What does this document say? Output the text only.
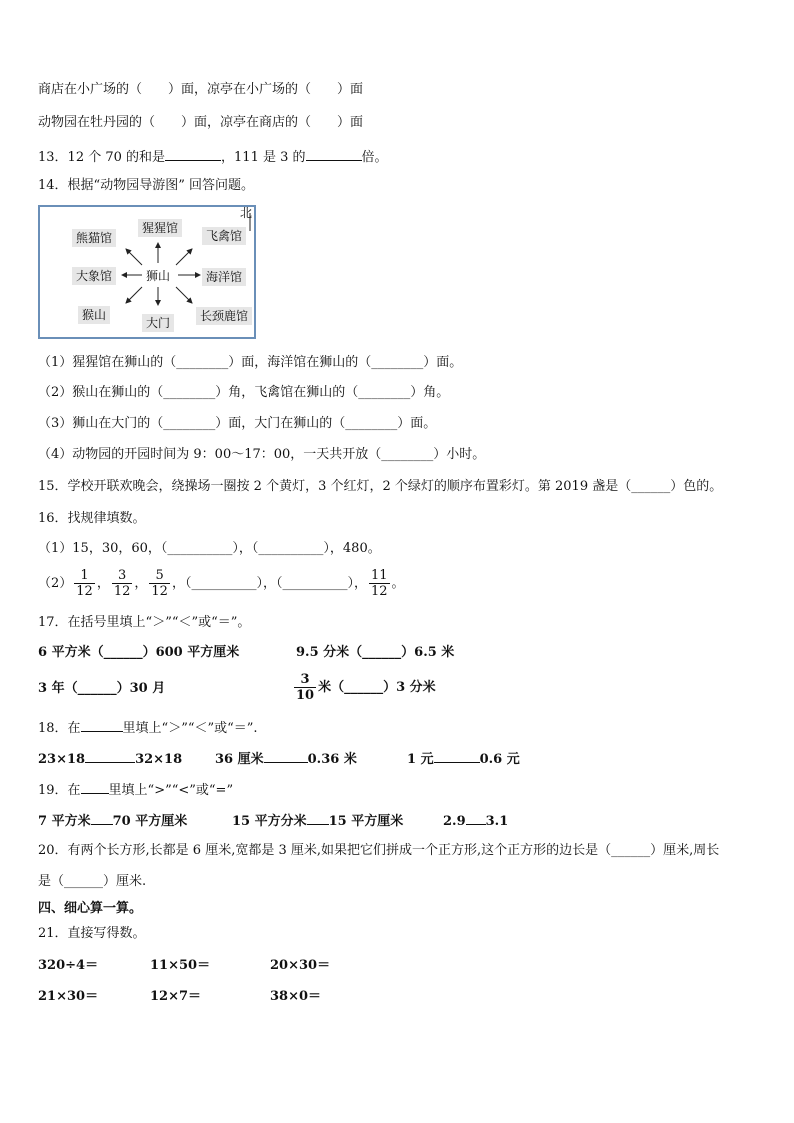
商店在小广场的（　　）面，凉亭在小广场的（　　）面
动物园在牡丹园的（　　）面，凉亭在商店的（　　）面
13．12 个 70 的和是	，111 是 3 的	倍。
14．根据“动物园导游图” 回答问题。
北
熊猫馆
猩猩馆
飞禽馆
大象馆	狮山	海洋馆
猴山
大门	长颈鹿馆
（1）猩猩馆在狮山的（________）面，海洋馆在狮山的（________）面。
（2）猴山在狮山的（________）角，飞禽馆在狮山的（________）角。
（3）狮山在大门的（________）面，大门在狮山的（________）面。
（4）动物园的开园时间为 9：00～17：00，一天共开放（________）小时。
15．学校开联欢晚会，绕操场一圈按 2 个黄灯，3 个红灯，2 个绿灯的顺序布置彩灯。第 2019 盏是（______）色的。
16．找规律填数。
（1）15，30，60，（__________），（__________），480。
$(2) \frac{1}{12}$ ， $\frac{3}{12}$ ， $\frac{5}{12}$ ，（__________），（__________）， $\frac{11}{12}$ 。
17．在括号里填上“＞”“＜”或“＝”。
6 平方米（______）600 平方厘米	9.5 分米（______）6.5 米
3 年（______）30 月	$\frac{3}{10}$ 米（______）3 分米
18．在	里填上“＞”“＜”或“＝”.
23×18	32×18	36 厘米	0.36 米	1 元	0.6 元
19．在 里填上“>”“<”或“=”
7 平方米 70 平方厘米	15 平方分米 15 平方厘米	2.9 3.1
20．有两个长方形,长都是 6 厘米,宽都是 3 厘米,如果把它们拼成一个正方形,这个正方形的边长是（______）厘米,周长
是（______）厘米.
四、细心算一算。
21．直接写得数。
320÷4＝	11×50＝	20×30＝
21×30＝	12×7＝	38×0＝
